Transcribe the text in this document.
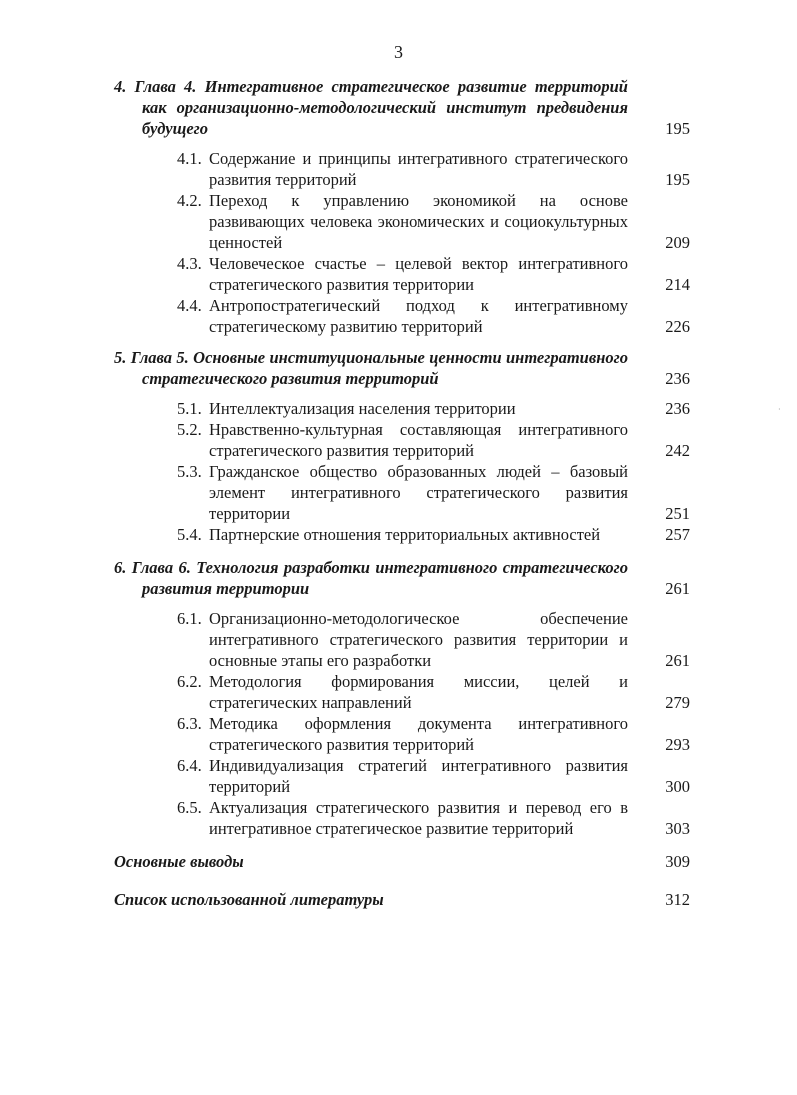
3
4. Глава 4. Интегративное стратегическое развитие территорий как организационно-методологический институт предвидения будущего	195
4.1. Содержание и принципы интегративного стратегического развития территорий	195
4.2. Переход к управлению экономикой на основе развивающих человека экономических и социокультурных ценностей	209
4.3. Человеческое счастье – целевой вектор интегративного стратегического развития территории	214
4.4. Антропостратегический подход к интегративному стратегическому развитию территорий	226
5. Глава 5. Основные институциональные ценности интегративного стратегического развития территорий	236
5.1. Интеллектуализация населения территории	236
5.2. Нравственно-культурная составляющая интегративного стратегического развития территорий	242
5.3. Гражданское общество образованных людей – базовый элемент интегративного стратегического развития территории	251
5.4. Партнерские отношения территориальных активностей	257
6. Глава 6. Технология разработки интегративного стратегического развития территории	261
6.1. Организационно-методологическое обеспечение интегративного стратегического развития территории и основные этапы его разработки	261
6.2. Методология формирования миссии, целей и стратегических направлений	279
6.3. Методика оформления документа интегративного стратегического развития территорий	293
6.4. Индивидуализация стратегий интегративного развития территорий	300
6.5. Актуализация стратегического развития и перевод его в интегративное стратегическое развитие территорий	303
Основные выводы	309
Список использованной литературы	312
·
